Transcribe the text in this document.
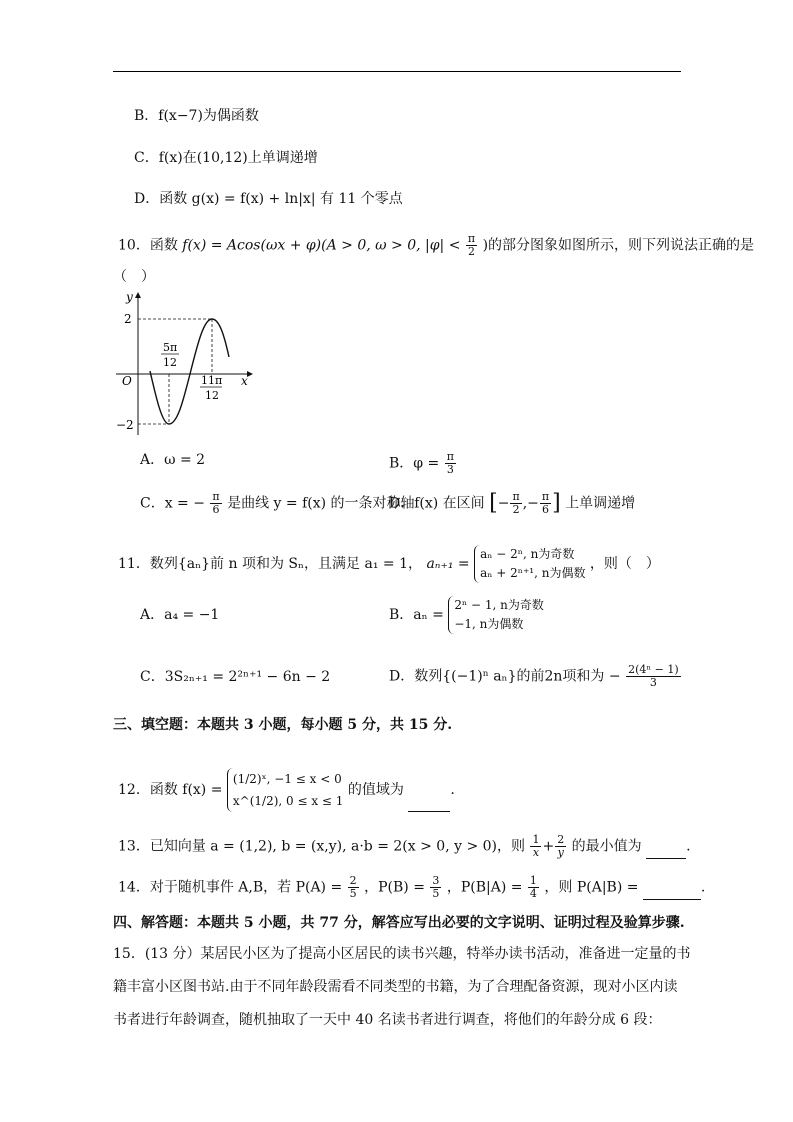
B．f(x−7)为偶函数
C．f(x)在(10,12)上单调递增
D．函数 g(x) = f(x) + ln|x| 有 11 个零点
10．函数 f(x) = Acos(ωx + φ)(A > 0, ω > 0, $|\varphi| < \frac{\pi}{2}$ )的部分图象如图所示，则下列说法正确的是
（　）
y
x
O
2
−2
5π
12
11π
12
A．ω = 2	B．$\varphi = \frac{\pi}{3}$
C．x = − $\frac{\pi}{6}$ 是曲线 y = f(x) 的一条对称轴
D．f(x) 在区间 [− $\frac{\pi}{2}$ ,− $\frac{\pi}{6}$ ] 上单调递增
11．数列{aₙ}前 n 项和为 Sₙ，且满足 a₁ = 1， aₙ₊₁ =
aₙ − 2ⁿ, n为奇数
aₙ + 2ⁿ⁺¹, n为偶数
，则（　）
A．a₄ = −1	B．aₙ =
2ⁿ − 1, n为奇数
−1, n为偶数
C．3S₂ₙ₊₁ = 2²ⁿ⁺¹ − 6n − 2	D．数列{(−1)ⁿ aₙ}的前2n项和为 − $\frac{\text{2(4ⁿ − 1)}}{3}$
三、填空题：本题共 3 小题，每小题 5 分，共 15 分.
12．函数 f(x) =
(1/2)ˣ, −1 ≤ x < 0
x^(1/2), 0 ≤ x ≤ 1
的值域为	.
13．已知向量 a = (1,2), b = (x,y), a·b = 2(x > 0, y > 0)，则 $\frac{1}{x} + \frac{2}{y}$ 的最小值为	.
14．对于随机事件 A,B，若 $P(A) = \frac{2}{5}$ ，$P(B) = \frac{3}{5}$ ，$P(B|A) = \frac{1}{4}$ ，则 P(A|B) =	.
四、解答题：本题共 5 小题，共 77 分，解答应写出必要的文字说明、证明过程及验算步骤.
15．(13 分）某居民小区为了提高小区居民的读书兴趣，特举办读书活动，准备进一定量的书
籍丰富小区图书站.由于不同年龄段需看不同类型的书籍，为了合理配备资源，现对小区内读
书者进行年龄调查，随机抽取了一天中 40 名读书者进行调查，将他们的年龄分成 6 段：
